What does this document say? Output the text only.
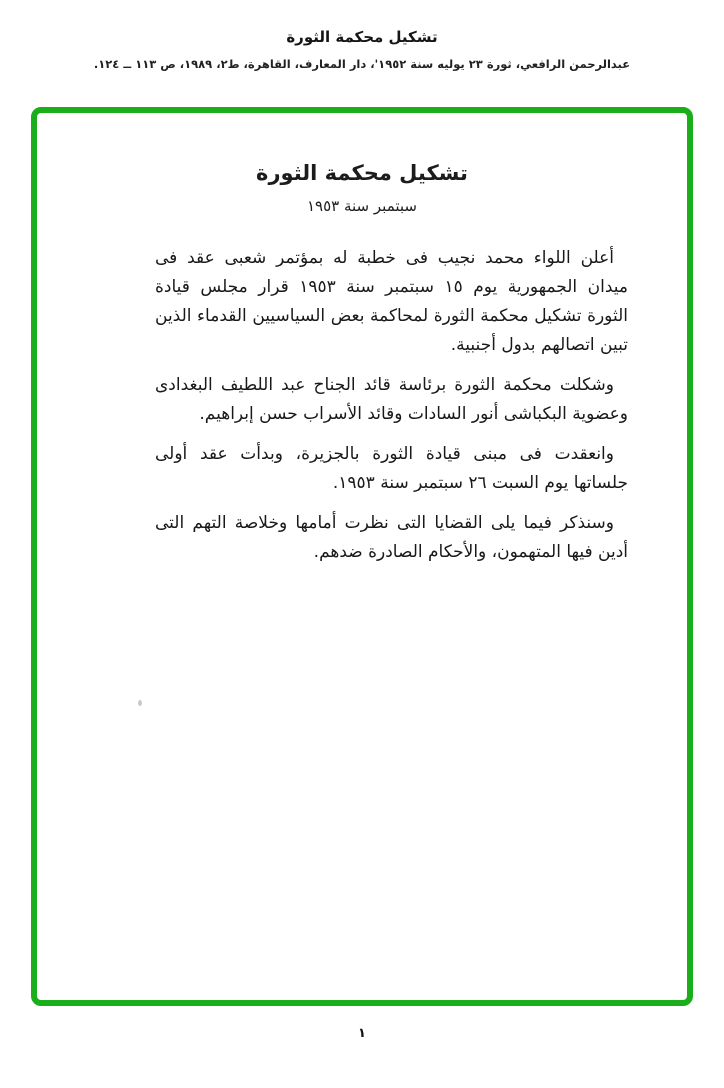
تشكيل محكمة الثورة
عبدالرحمن الرافعي، ثورة ٢٣ يوليه سنة ١٩٥٢'، دار المعارف، القاهرة، ط٢، ١٩٨٩، ص ١١٣ ــ ١٢٤.
تشكيل محكمة الثورة
سبتمبر سنة ١٩٥٣

أعلن اللواء محمد نجيب فى خطبة له بمؤتمر شعبى عقد فى ميدان الجمهورية يوم ١٥ سبتمبر سنة ١٩٥٣ قرار مجلس قيادة الثورة تشكيل محكمة الثورة لمحاكمة بعض السياسيين القدماء الذين تبين اتصالهم بدول أجنبية.

وشكلت محكمة الثورة برئاسة قائد الجناح عبد اللطيف البغدادى وعضوية البكباشى أنور السادات وقائد الأسراب حسن إبراهيم.

وانعقدت فى مبنى قيادة الثورة بالجزيرة، وبدأت عقد أولى جلساتها يوم السبت ٢٦ سبتمبر سنة ١٩٥٣.

وسنذكر فيما يلى القضايا التى نظرت أمامها وخلاصة التهم التى أدين فيها المتهمون، والأحكام الصادرة ضدهم.

١
